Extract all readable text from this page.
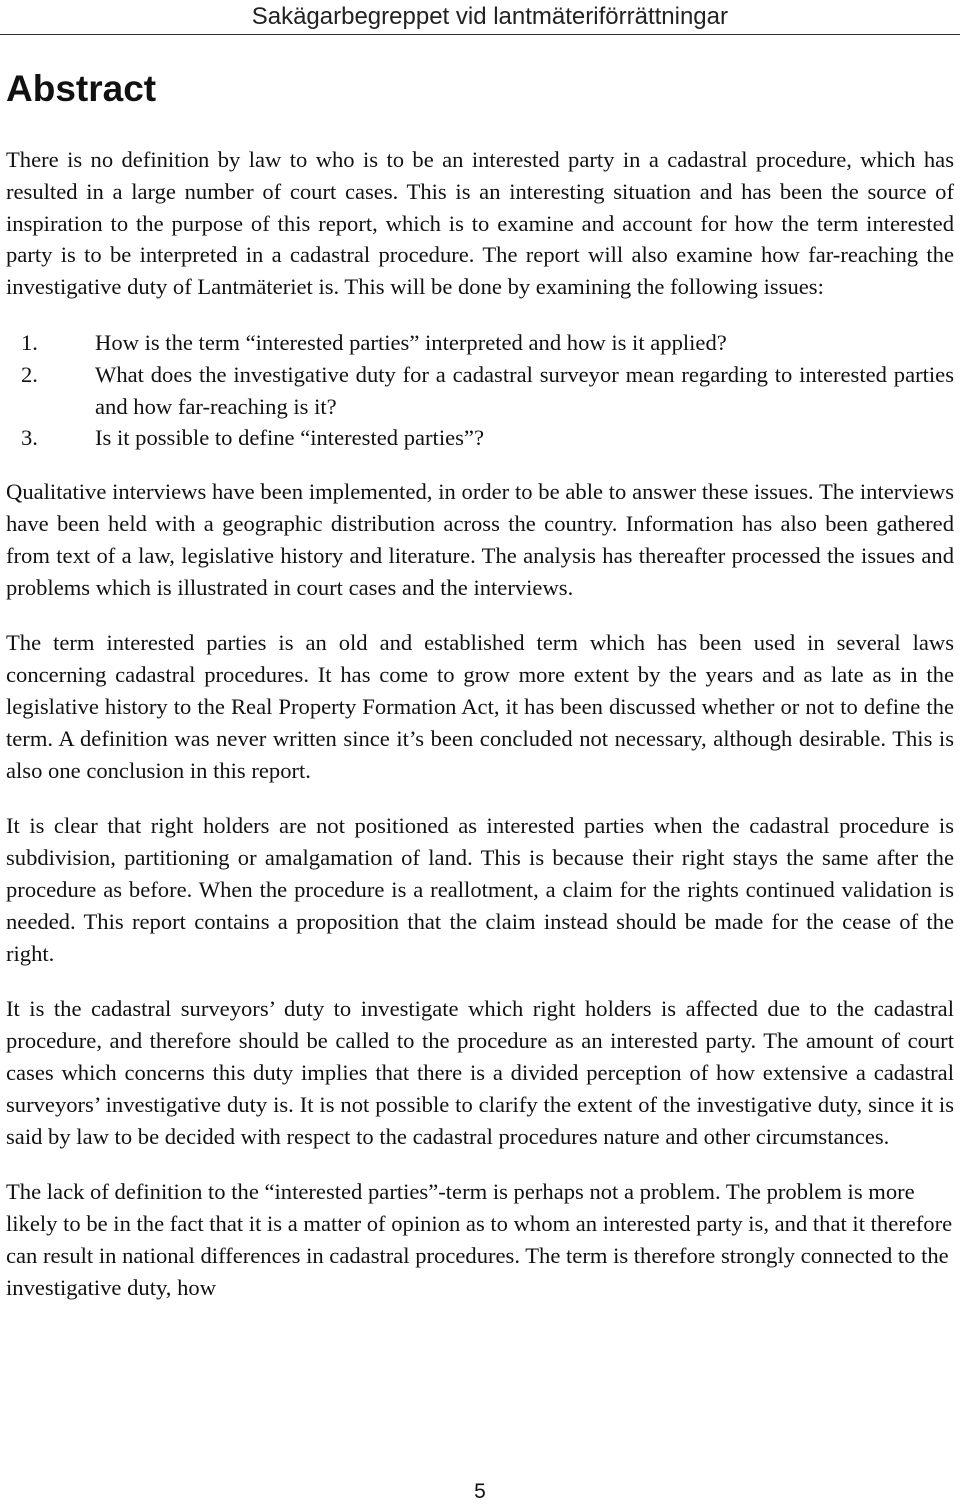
Sakägarbegreppet vid lantmäteriförrättningar
Abstract

There is no definition by law to who is to be an interested party in a cadastral procedure, which has resulted in a large number of court cases. This is an interesting situation and has been the source of inspiration to the purpose of this report, which is to examine and account for how the term interested party is to be interpreted in a cadastral procedure. The report will also examine how far-reaching the investigative duty of Lantmäteriet is. This will be done by examining the following issues:

1.	How is the term “interested parties” interpreted and how is it applied?
2.	What does the investigative duty for a cadastral surveyor mean regarding to interested parties and how far-reaching is it?
3.	Is it possible to define “interested parties”?

Qualitative interviews have been implemented, in order to be able to answer these issues. The interviews have been held with a geographic distribution across the country. Information has also been gathered from text of a law, legislative history and literature. The analysis has thereafter processed the issues and problems which is illustrated in court cases and the interviews.

The term interested parties is an old and established term which has been used in several laws concerning cadastral procedures. It has come to grow more extent by the years and as late as in the legislative history to the Real Property Formation Act, it has been discussed whether or not to define the term. A definition was never written since it’s been concluded not necessary, although desirable. This is also one conclusion in this report.

It is clear that right holders are not positioned as interested parties when the cadastral procedure is subdivision, partitioning or amalgamation of land. This is because their right stays the same after the procedure as before. When the procedure is a reallotment, a claim for the rights continued validation is needed. This report contains a proposition that the claim instead should be made for the cease of the right.

It is the cadastral surveyors’ duty to investigate which right holders is affected due to the cadastral procedure, and therefore should be called to the procedure as an interested party. The amount of court cases which concerns this duty implies that there is a divided perception of how extensive a cadastral surveyors’ investigative duty is. It is not possible to clarify the extent of the investigative duty, since it is said by law to be decided with respect to the cadastral procedures nature and other circumstances.

The lack of definition to the “interested parties”-term is perhaps not a problem. The problem is more likely to be in the fact that it is a matter of opinion as to whom an interested party is, and that it therefore can result in national differences in cadastral procedures. The term is therefore strongly connected to the investigative duty, how

5
